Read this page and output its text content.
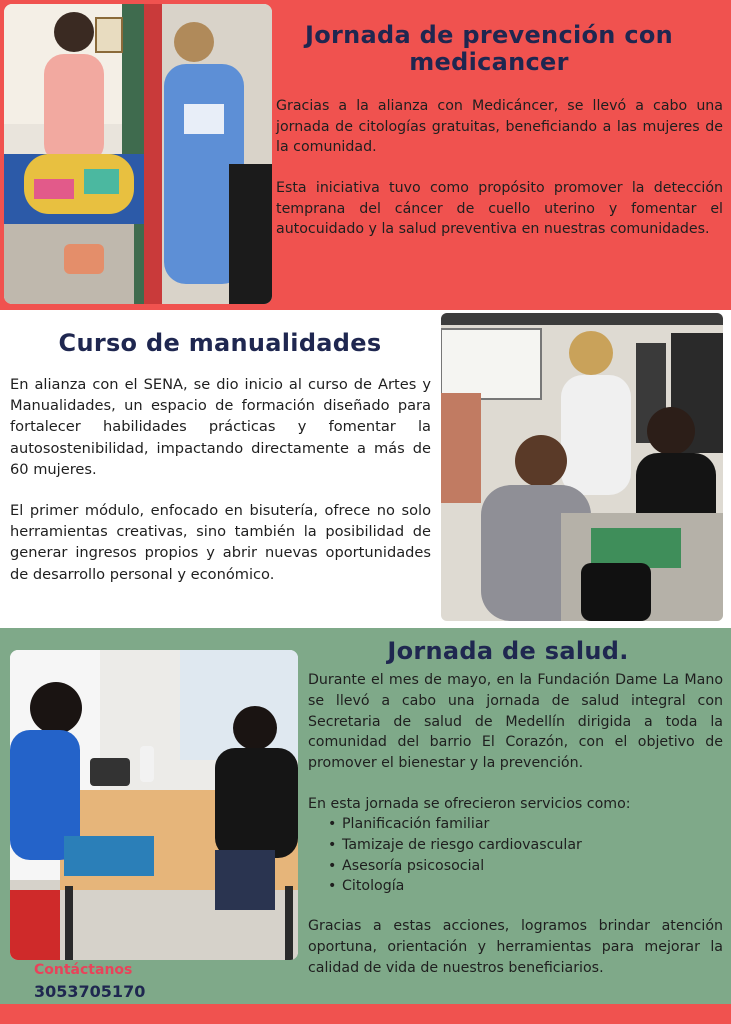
Jornada de prevención con medicancer

Gracias a la alianza con Medicáncer, se llevó a cabo una jornada de citologías gratuitas, beneficiando a las mujeres de la comunidad.

Esta iniciativa tuvo como propósito promover la detección temprana del cáncer de cuello uterino y fomentar el autocuidado y la salud preventiva en nuestras comunidades.

Curso de manualidades

En alianza con el SENA, se dio inicio al curso de Artes y Manualidades, un espacio de formación diseñado para fortalecer habilidades prácticas y fomentar la autosostenibilidad, impactando directamente a más de 60 mujeres.

El primer módulo, enfocado en bisutería, ofrece no solo herramientas creativas, sino también la posibilidad de generar ingresos propios y abrir nuevas oportunidades de desarrollo personal y económico.

Jornada de salud.

Durante el mes de mayo, en la Fundación Dame La Mano se llevó a cabo una jornada de salud integral con Secretaria de salud de Medellín dirigida a toda la comunidad del barrio El Corazón, con el objetivo de promover el bienestar y la prevención.

En esta jornada se ofrecieron servicios como:

• Planificación familiar
• Tamizaje de riesgo cardiovascular
• Asesoría psicosocial
• Citología

Gracias a estas acciones, logramos brindar atención oportuna, orientación y herramientas para mejorar la calidad de vida de nuestros beneficiarios.

Contáctanos
3053705170
